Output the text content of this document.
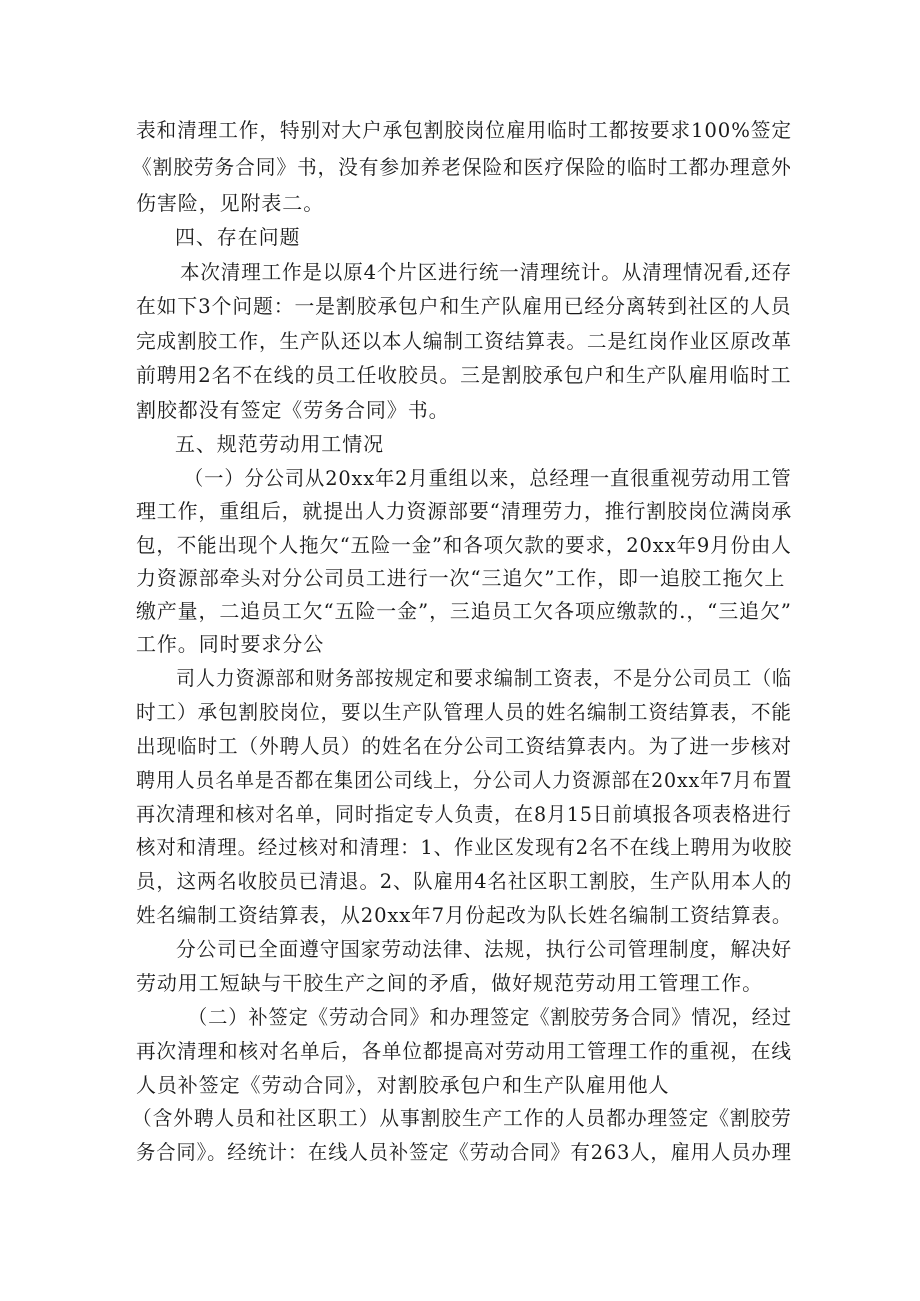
表和清理工作，特别对大户承包割胶岗位雇用临时工都按要求100%签定
《割胶劳务合同》书，没有参加养老保险和医疗保险的临时工都办理意外
伤害险，见附表二。
四、存在问题
本次清理工作是以原4个片区进行统一清理统计。从清理情况看,还存
在如下3个问题：一是割胶承包户和生产队雇用已经分离转到社区的人员
完成割胶工作，生产队还以本人编制工资结算表。二是红岗作业区原改革
前聘用2名不在线的员工任收胶员。三是割胶承包户和生产队雇用临时工
割胶都没有签定《劳务合同》书。
五、规范劳动用工情况
（一）分公司从20xx年2月重组以来，总经理一直很重视劳动用工管
理工作，重组后，就提出人力资源部要“清理劳力，推行割胶岗位满岗承
包，不能出现个人拖欠“五险一金”和各项欠款的要求，20xx年9月份由人
力资源部牵头对分公司员工进行一次“三追欠”工作，即一追胶工拖欠上
缴产量，二追员工欠“五险一金”，三追员工欠各项应缴款的.，“三追欠”
工作。同时要求分公
司人力资源部和财务部按规定和要求编制工资表，不是分公司员工（临
时工）承包割胶岗位，要以生产队管理人员的姓名编制工资结算表，不能
出现临时工（外聘人员）的姓名在分公司工资结算表内。为了进一步核对
聘用人员名单是否都在集团公司线上，分公司人力资源部在20xx年7月布置
再次清理和核对名单，同时指定专人负责，在8月15日前填报各项表格进行
核对和清理。经过核对和清理：1、作业区发现有2名不在线上聘用为收胶
员，这两名收胶员已清退。2、队雇用4名社区职工割胶，生产队用本人的
姓名编制工资结算表，从20xx年7月份起改为队长姓名编制工资结算表。
分公司已全面遵守国家劳动法律、法规，执行公司管理制度，解决好
劳动用工短缺与干胶生产之间的矛盾，做好规范劳动用工管理工作。
（二）补签定《劳动合同》和办理签定《割胶劳务合同》情况，经过
再次清理和核对名单后，各单位都提高对劳动用工管理工作的重视，在线
人员补签定《劳动合同》，对割胶承包户和生产队雇用他人
（含外聘人员和社区职工）从事割胶生产工作的人员都办理签定《割胶劳
务合同》。经统计：在线人员补签定《劳动合同》有263人，雇用人员办理
